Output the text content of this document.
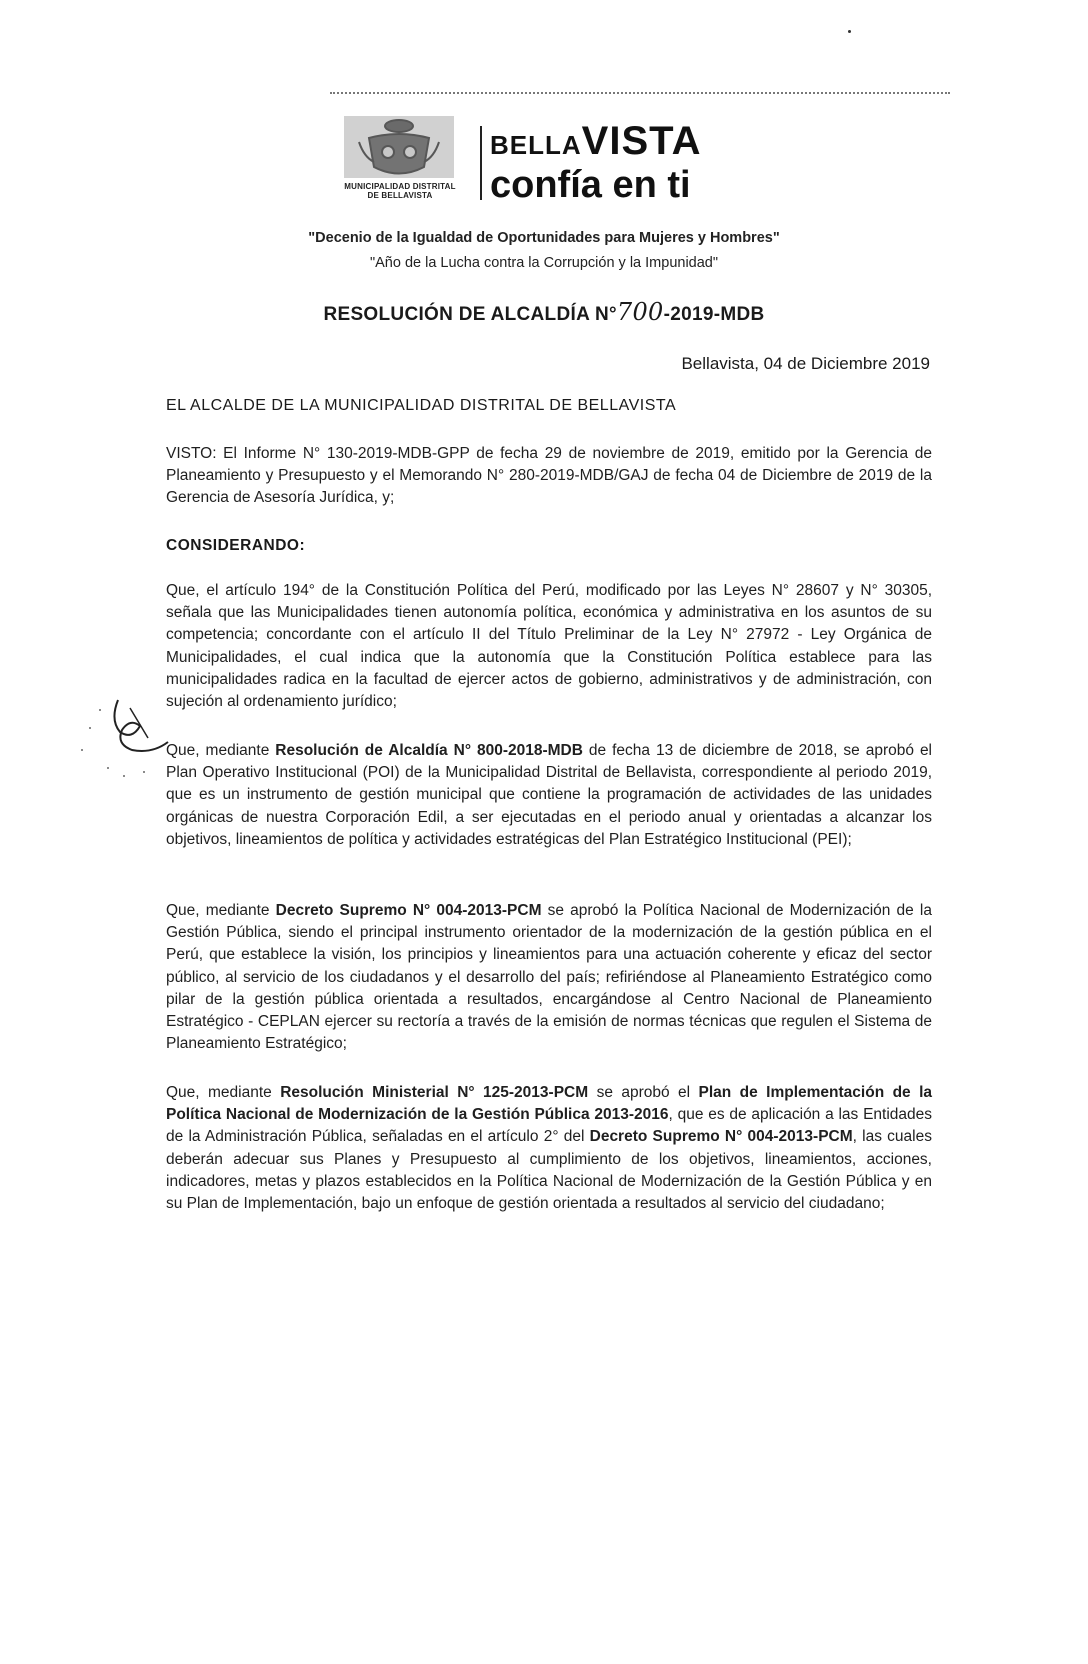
MUNICIPALIDAD DISTRITAL
DE BELLAVISTA
BELLAVISTA
confía en ti
"Decenio de la Igualdad de Oportunidades para Mujeres y Hombres"
"Año de la Lucha contra la Corrupción y la Impunidad"
RESOLUCIÓN DE ALCALDÍA N°700-2019-MDB
Bellavista, 04 de Diciembre 2019
EL ALCALDE DE LA MUNICIPALIDAD DISTRITAL DE BELLAVISTA
VISTO: El Informe N° 130-2019-MDB-GPP de fecha 29 de noviembre de 2019, emitido por la Gerencia de Planeamiento y Presupuesto y el Memorando N° 280-2019-MDB/GAJ de fecha 04 de Diciembre de 2019 de la Gerencia de Asesoría Jurídica, y;
CONSIDERANDO:
Que, el artículo 194° de la Constitución Política del Perú, modificado por las Leyes N° 28607 y N° 30305, señala que las Municipalidades tienen autonomía política, económica y administrativa en los asuntos de su competencia; concordante con el artículo II del Título Preliminar de la Ley N° 27972 - Ley Orgánica de Municipalidades, el cual indica que la autonomía que la Constitución Política establece para las municipalidades radica en la facultad de ejercer actos de gobierno, administrativos y de administración, con sujeción al ordenamiento jurídico;
Que, mediante Resolución de Alcaldía N° 800-2018-MDB de fecha 13 de diciembre de 2018, se aprobó el Plan Operativo Institucional (POI) de la Municipalidad Distrital de Bellavista, correspondiente al periodo 2019, que es un instrumento de gestión municipal que contiene la programación de actividades de las unidades orgánicas de nuestra Corporación Edil, a ser ejecutadas en el periodo anual y orientadas a alcanzar los objetivos, lineamientos de política y actividades estratégicas del Plan Estratégico Institucional (PEI);
Que, mediante Decreto Supremo N° 004-2013-PCM se aprobó la Política Nacional de Modernización de la Gestión Pública, siendo el principal instrumento orientador de la modernización de la gestión pública en el Perú, que establece la visión, los principios y lineamientos para una actuación coherente y eficaz del sector público, al servicio de los ciudadanos y el desarrollo del país; refiriéndose al Planeamiento Estratégico como pilar de la gestión pública orientada a resultados, encargándose al Centro Nacional de Planeamiento Estratégico - CEPLAN ejercer su rectoría a través de la emisión de normas técnicas que regulen el Sistema de Planeamiento Estratégico;
Que, mediante Resolución Ministerial N° 125-2013-PCM se aprobó el Plan de Implementación de la Política Nacional de Modernización de la Gestión Pública 2013-2016, que es de aplicación a las Entidades de la Administración Pública, señaladas en el artículo 2° del Decreto Supremo N° 004-2013-PCM, las cuales deberán adecuar sus Planes y Presupuesto al cumplimiento de los objetivos, lineamientos, acciones, indicadores, metas y plazos establecidos en la Política Nacional de Modernización de la Gestión Pública y en su Plan de Implementación, bajo un enfoque de gestión orientada a resultados al servicio del ciudadano;
